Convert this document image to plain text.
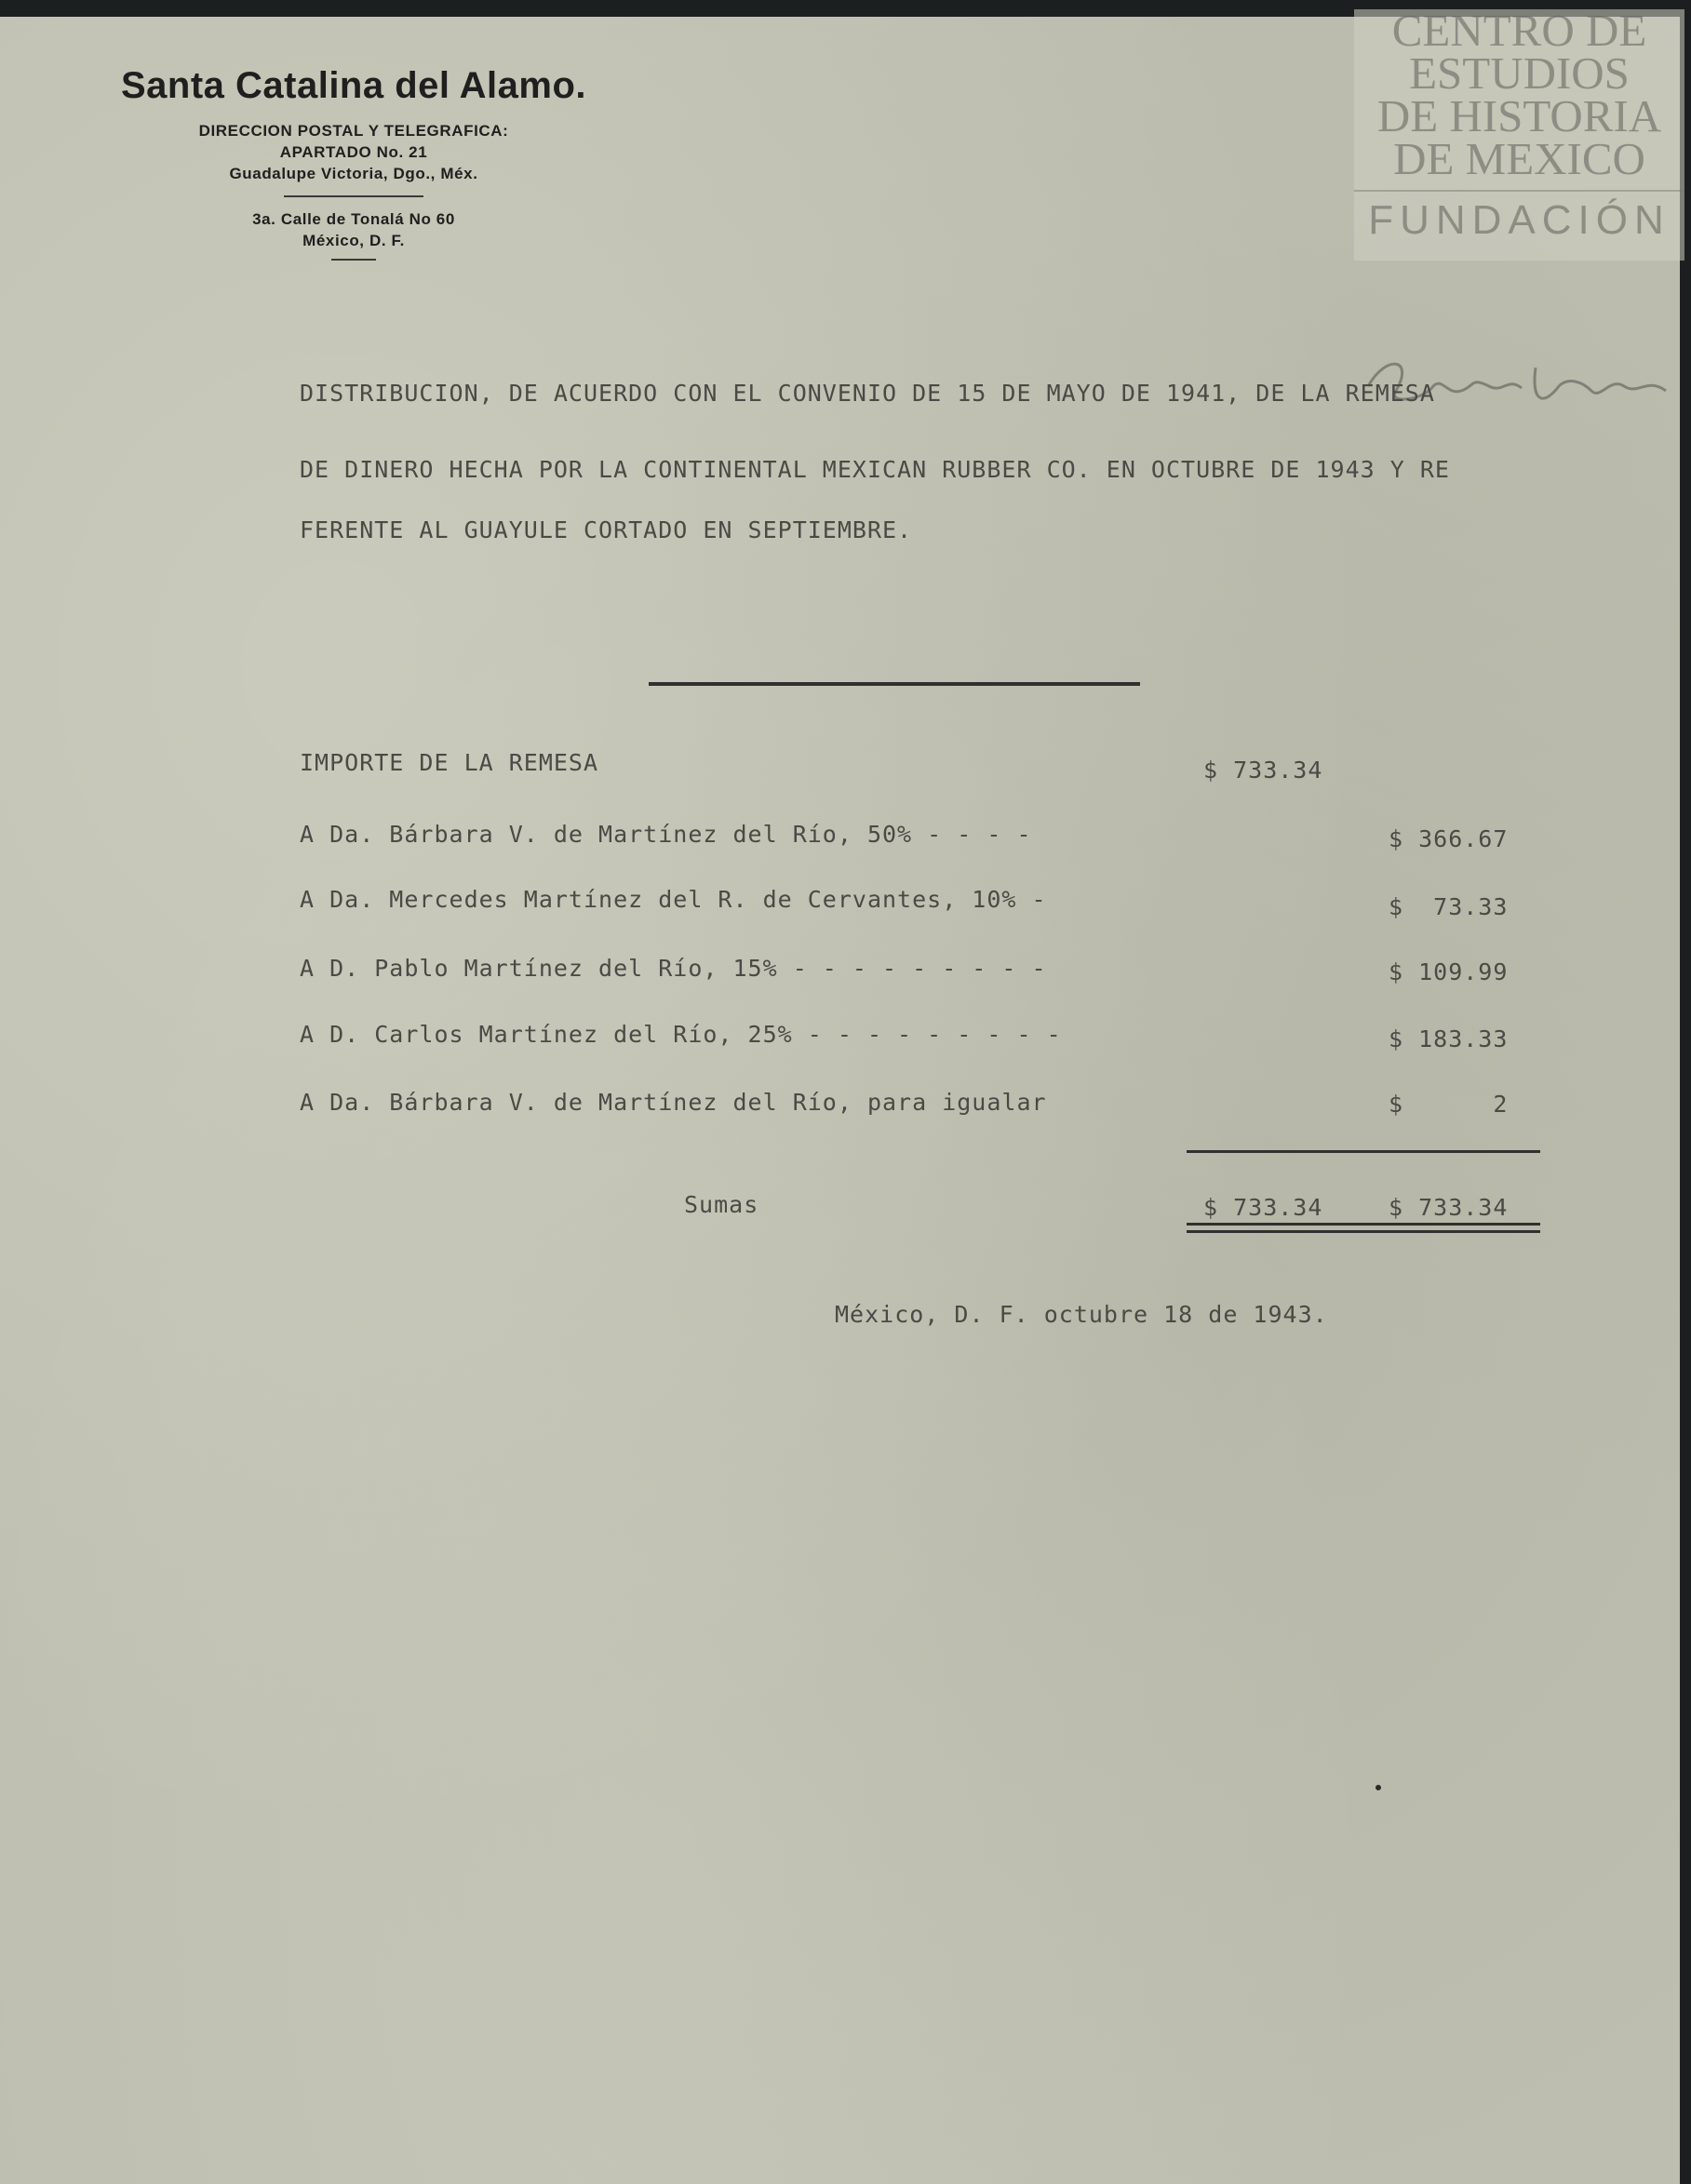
Santa Catalina del Alamo.
DIRECCION POSTAL Y TELEGRAFICA:
APARTADO No. 21
Guadalupe Victoria, Dgo., Méx.
3a. Calle de Tonalá No 60
México, D. F.
CENTRO DE
ESTUDIOS
DE HISTORIA
DE MEXICO
FUNDACIÓN
DISTRIBUCION, DE ACUERDO CON EL CONVENIO DE 15 DE MAYO DE 1941, DE LA REMESA
DE DINERO HECHA POR LA CONTINENTAL MEXICAN RUBBER CO. EN OCTUBRE DE 1943 Y RE
FERENTE AL GUAYULE CORTADO EN SEPTIEMBRE.
IMPORTE DE LA REMESA	$ 733.34
A Da. Bárbara V. de Martínez del Río, 50% - - - -	$ 366.67
A Da. Mercedes Martínez del R. de Cervantes, 10% -	$  73.33
A D. Pablo Martínez del Río, 15% - - - - - - - - -	$ 109.99
A D. Carlos Martínez del Río, 25% - - - - - - - - -	$ 183.33
A Da. Bárbara V. de Martínez del Río, para igualar	$      2
Sumas	$ 733.34	$ 733.34
México, D. F. octubre 18 de 1943.
